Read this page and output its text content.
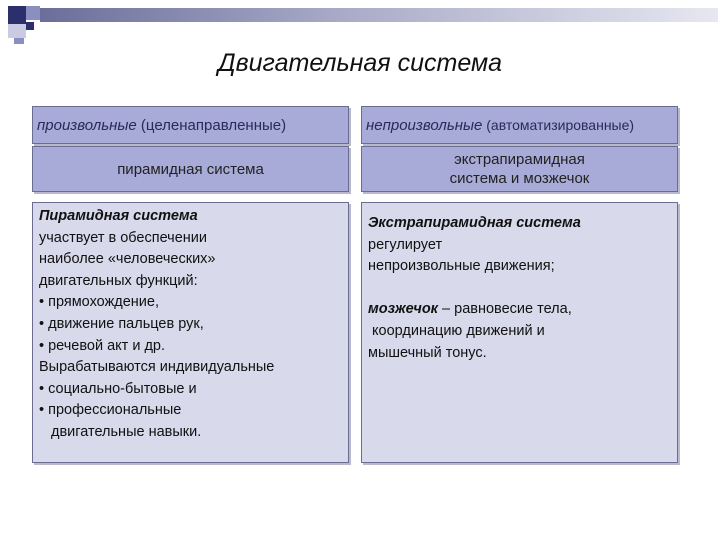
Двигательная система
произвольные (целенаправленные)
пирамидная система

Пирамидная система

участвует в обеспечении

наиболее «человеческих»

двигательных функций:

• прямохождение,

• движение пальцев рук,

• речевой акт и др.

Вырабатываются индивидуальные

• социально-бытовые и

• профессиональные

двигательные навыки.

непроизвольные (автоматизированные)
экстрапирамидная
система и мозжечок

Экстрапирамидная система

регулирует

непроизвольные движения;

мозжечок – равновесие тела,

координацию движений и

мышечный тонус.
